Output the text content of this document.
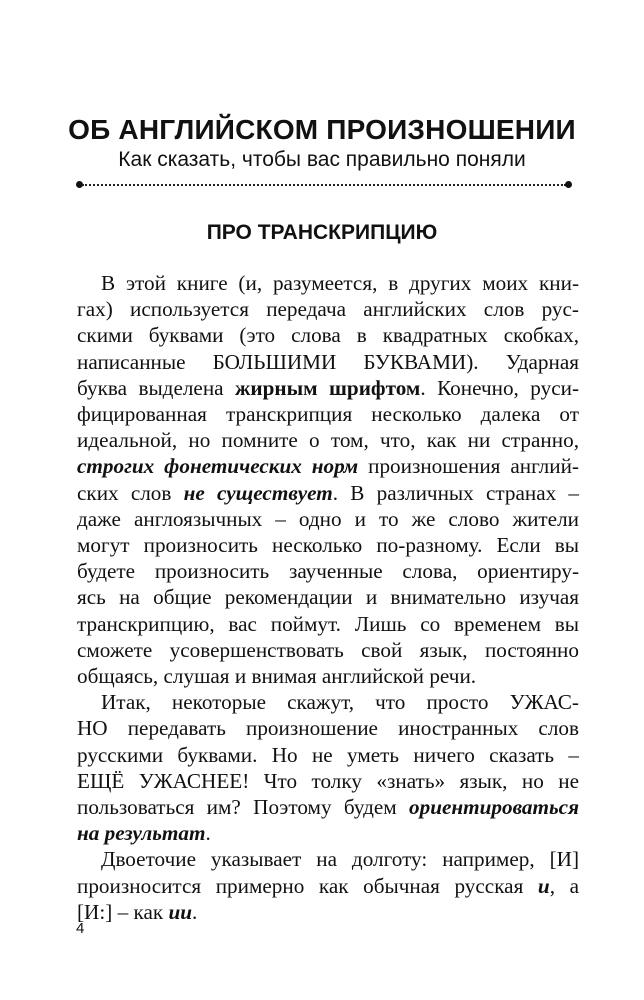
ОБ АНГЛИЙСКОМ ПРОИЗНОШЕНИИ
Как сказать, чтобы вас правильно поняли
ПРО ТРАНСКРИПЦИЮ
В этой книге (и, разумеется, в других моих кни-
гах) используется передача английских слов рус-
скими буквами (это слова в квадратных скобках,
написанные БОЛЬШИМИ БУКВАМИ). Ударная
буква выделена жирным шрифтом. Конечно, руси-
фицированная транскрипция несколько далека от
идеальной, но помните о том, что, как ни странно,
строгих фонетических норм произношения англий-
ских слов не существует. В различных странах –
даже англоязычных – одно и то же слово жители
могут произносить несколько по-разному. Если вы
будете произносить заученные слова, ориентиру-
ясь на общие рекомендации и внимательно изучая
транскрипцию, вас поймут. Лишь со временем вы
сможете усовершенствовать свой язык, постоянно
общаясь, слушая и внимая английской речи.
Итак, некоторые скажут, что просто УЖАС-
НО передавать произношение иностранных слов
русскими буквами. Но не уметь ничего сказать –
ЕЩЁ УЖАСНЕЕ! Что толку «знать» язык, но не
пользоваться им? Поэтому будем ориентироваться
на результат.
Двоеточие указывает на долготу: например, [И]
произносится примерно как обычная русская и, а
[И:] – как ии.
4
